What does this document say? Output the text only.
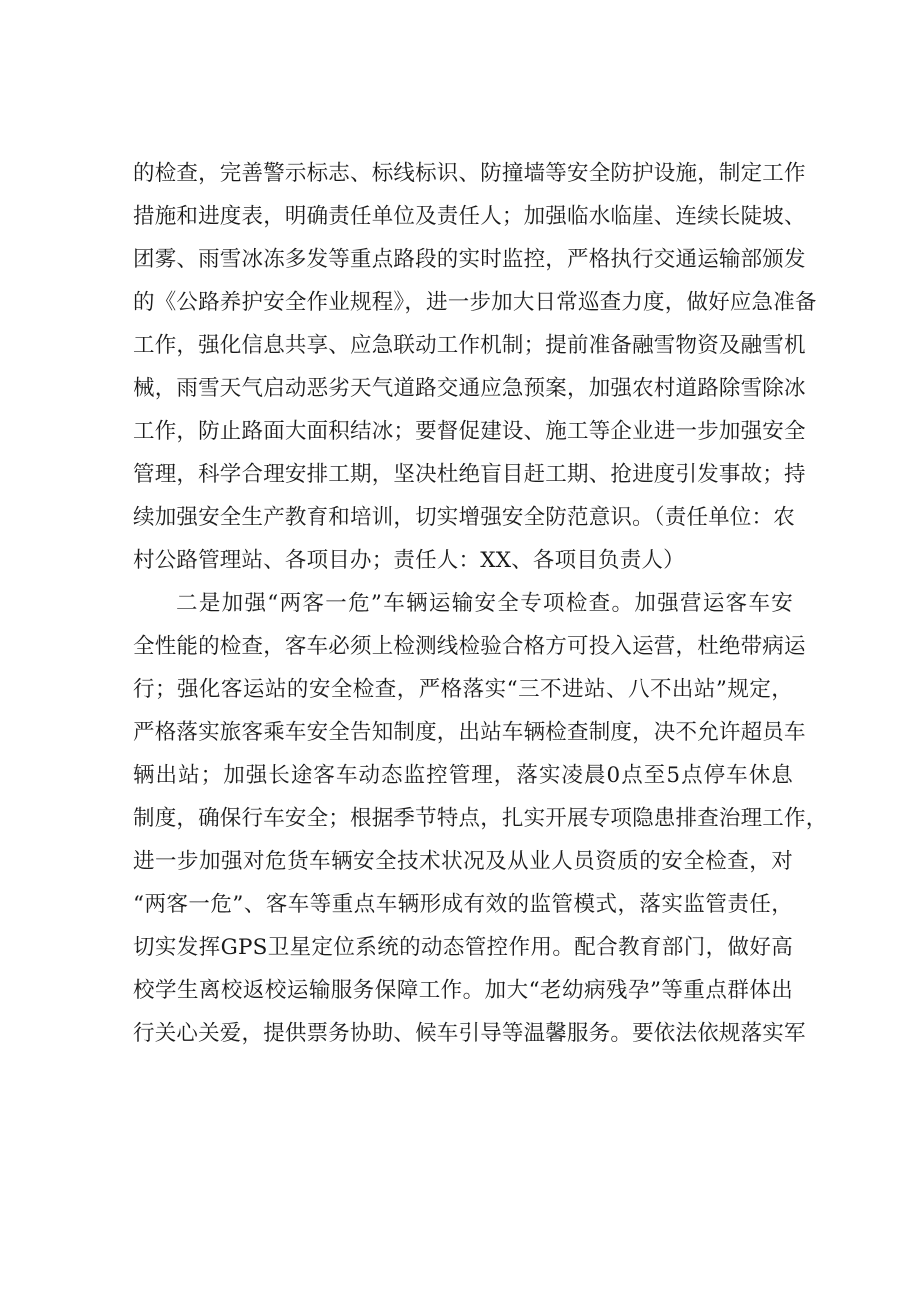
的检查，完善警示标志、标线标识、防撞墙等安全防护设施，制定工作
措施和进度表，明确责任单位及责任人；加强临水临崖、连续长陡坡、
团雾、雨雪冰冻多发等重点路段的实时监控，严格执行交通运输部颁发
的《公路养护安全作业规程》，进一步加大日常巡查力度，做好应急准备
工作，强化信息共享、应急联动工作机制；提前准备融雪物资及融雪机
械，雨雪天气启动恶劣天气道路交通应急预案，加强农村道路除雪除冰
工作，防止路面大面积结冰；要督促建设、施工等企业进一步加强安全
管理，科学合理安排工期，坚决杜绝盲目赶工期、抢进度引发事故；持
续加强安全生产教育和培训，切实增强安全防范意识。（责任单位：农
村公路管理站、各项目办；责任人：XX、各项目负责人）
二是加强“两客一危”车辆运输安全专项检查。加强营运客车安
全性能的检查，客车必须上检测线检验合格方可投入运营，杜绝带病运
行；强化客运站的安全检查，严格落实“三不进站、八不出站”规定，
严格落实旅客乘车安全告知制度，出站车辆检查制度，决不允许超员车
辆出站；加强长途客车动态监控管理，落实凌晨0点至5点停车休息
制度，确保行车安全；根据季节特点，扎实开展专项隐患排查治理工作，
进一步加强对危货车辆安全技术状况及从业人员资质的安全检查，对
“两客一危”、客车等重点车辆形成有效的监管模式，落实监管责任，
切实发挥GPS卫星定位系统的动态管控作用。配合教育部门，做好高
校学生离校返校运输服务保障工作。加大“老幼病残孕”等重点群体出
行关心关爱，提供票务协助、候车引导等温馨服务。要依法依规落实军
